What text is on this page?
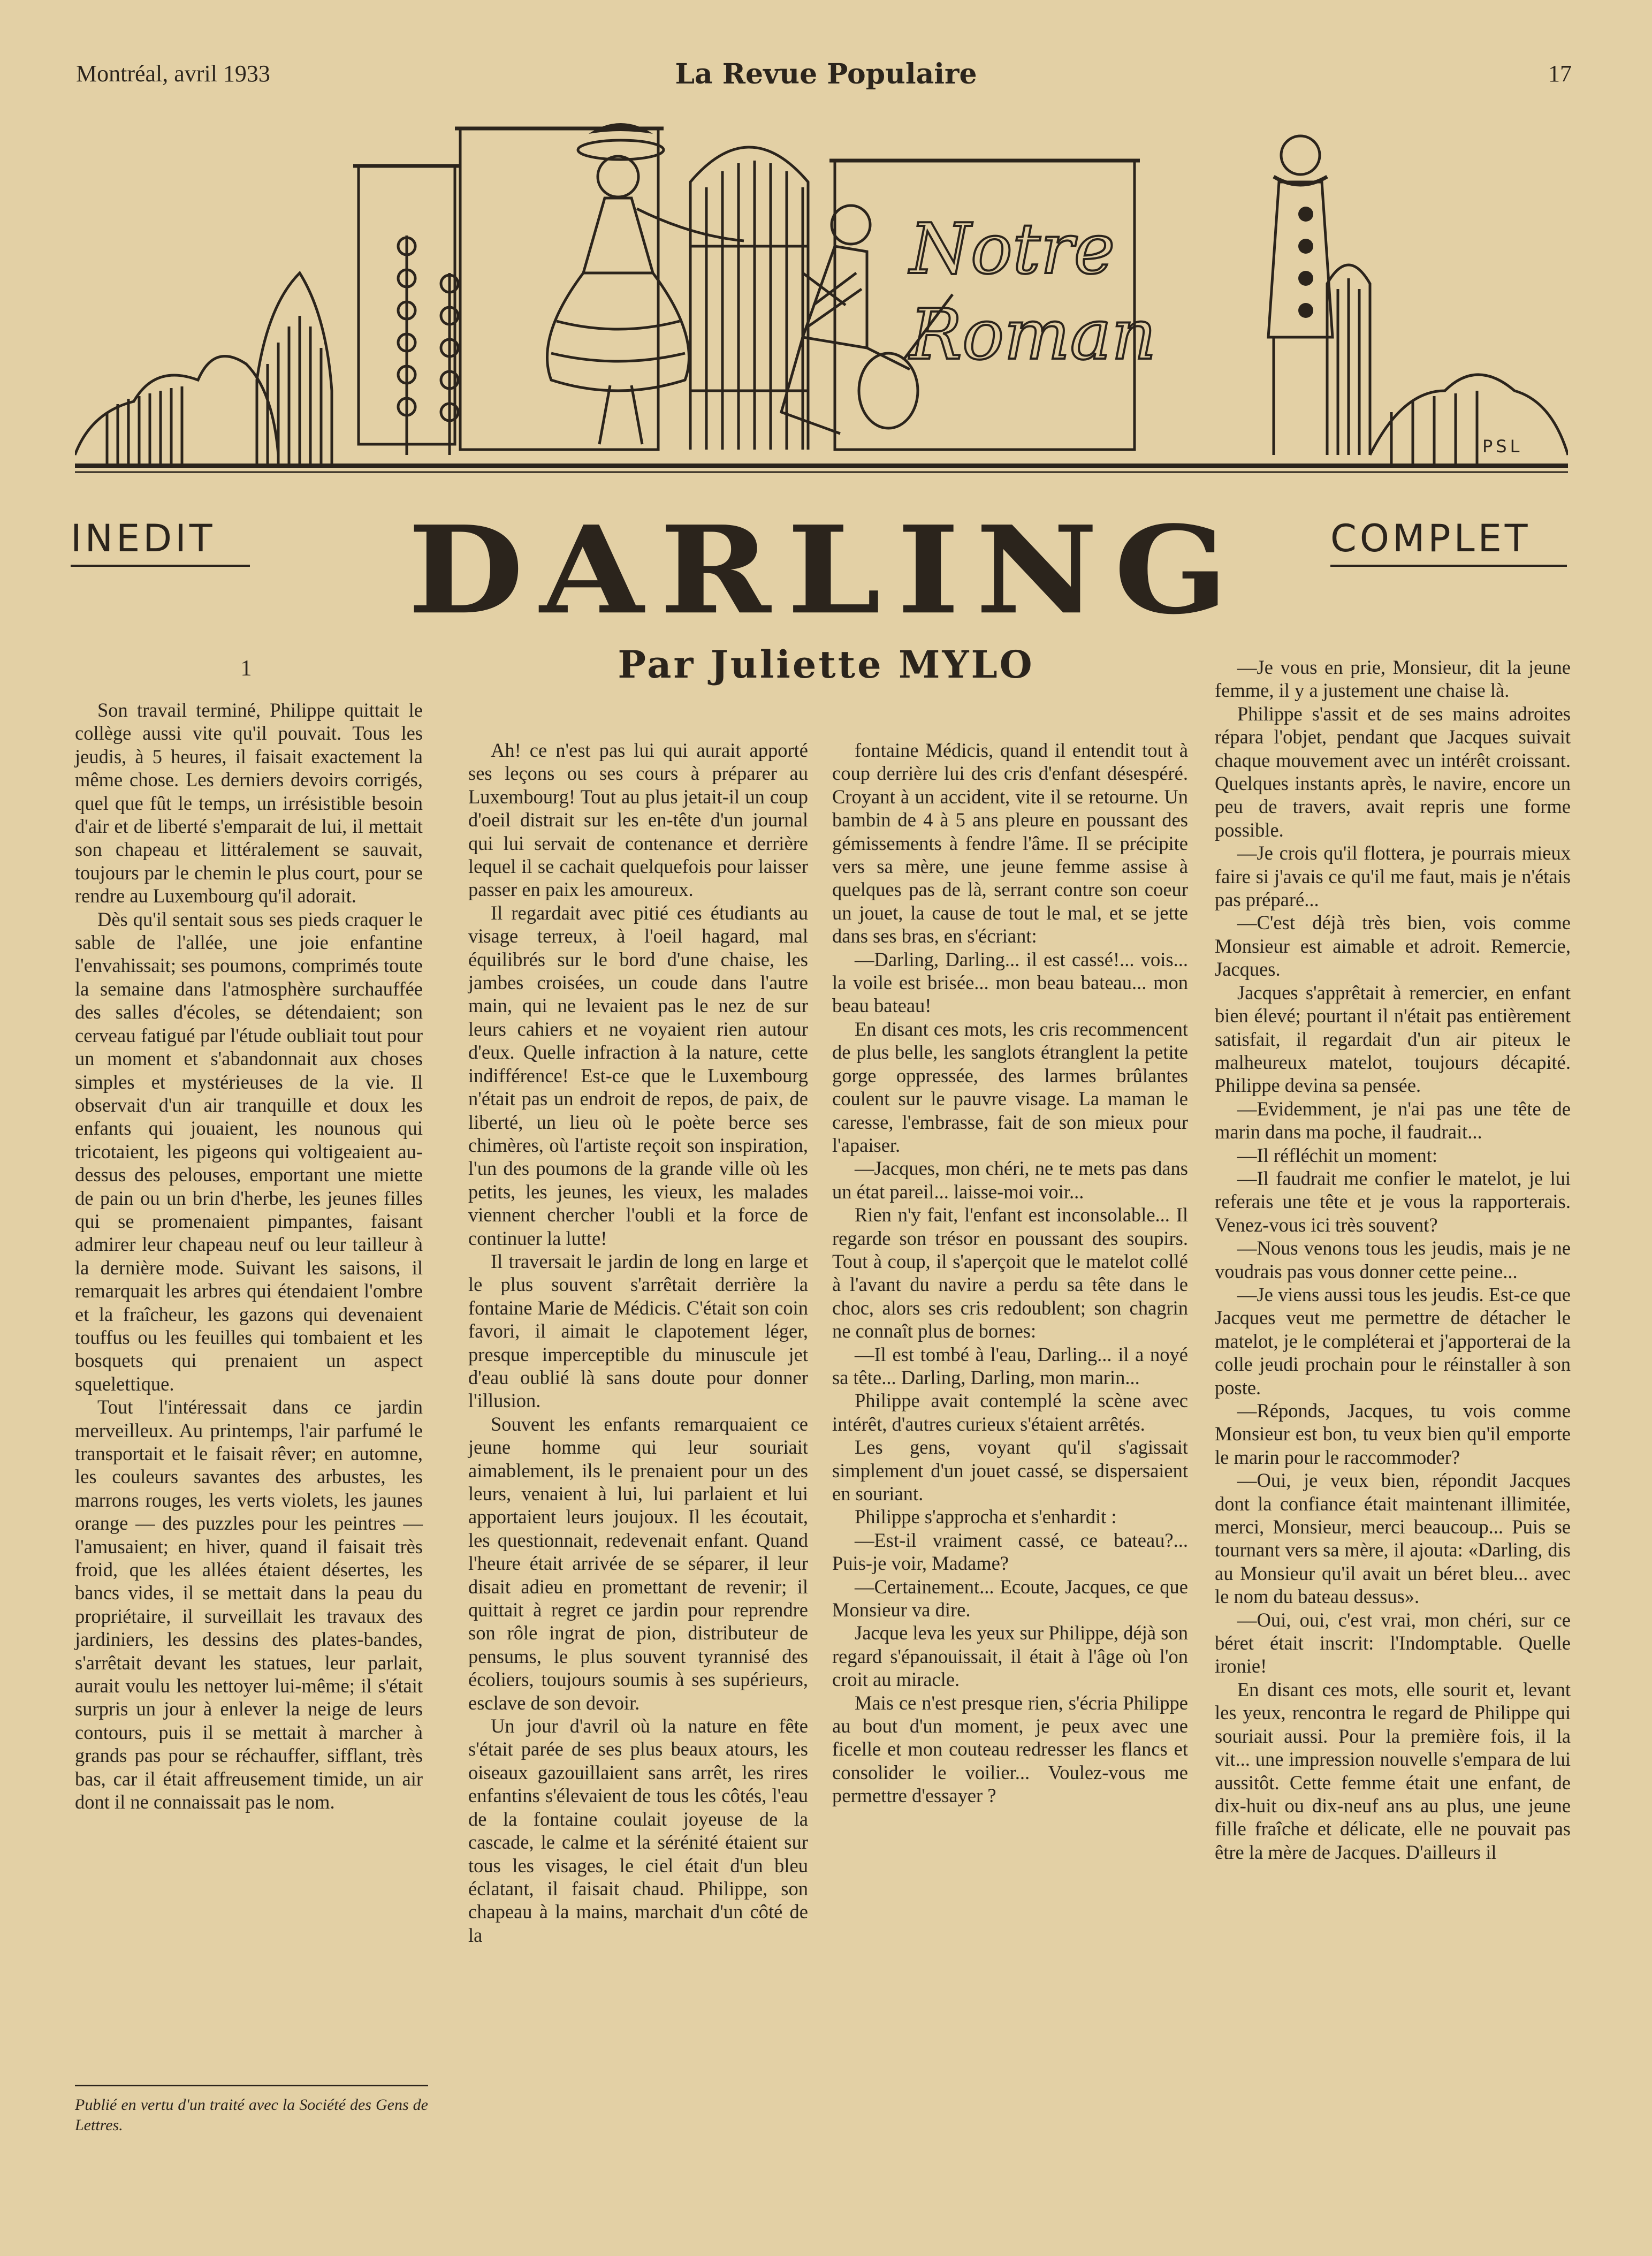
Montréal, avril 1933	La Revue Populaire	17
Notre
Roman
PSL
INEDIT	COMPLET
DARLING
Par Juliette MYLO
1

Son travail terminé, Philippe quittait le collège aussi vite qu'il pouvait. Tous les jeudis, à 5 heures, il faisait exactement la même chose. Les derniers devoirs corrigés, quel que fût le temps, un irrésistible besoin d'air et de liberté s'emparait de lui, il mettait son chapeau et littéralement se sauvait, toujours par le chemin le plus court, pour se rendre au Luxembourg qu'il adorait.

Dès qu'il sentait sous ses pieds craquer le sable de l'allée, une joie enfantine l'envahissait; ses poumons, comprimés toute la semaine dans l'atmosphère surchauffée des salles d'écoles, se détendaient; son cerveau fatigué par l'étude oubliait tout pour un moment et s'abandonnait aux choses simples et mystérieuses de la vie. Il observait d'un air tranquille et doux les enfants qui jouaient, les nounous qui tricotaient, les pigeons qui voltigeaient au-dessus des pelouses, emportant une miette de pain ou un brin d'herbe, les jeunes filles qui se promenaient pimpantes, faisant admirer leur chapeau neuf ou leur tailleur à la dernière mode. Suivant les saisons, il remarquait les arbres qui étendaient l'ombre et la fraîcheur, les gazons qui devenaient touffus ou les feuilles qui tombaient et les bosquets qui prenaient un aspect squelettique.

Tout l'intéressait dans ce jardin merveilleux. Au printemps, l'air parfumé le transportait et le faisait rêver; en automne, les couleurs savantes des arbustes, les marrons rouges, les verts violets, les jaunes orange — des puzzles pour les peintres — l'amusaient; en hiver, quand il faisait très froid, que les allées étaient désertes, les bancs vides, il se mettait dans la peau du propriétaire, il surveillait les travaux des jardiniers, les dessins des plates-bandes, s'arrêtait devant les statues, leur parlait, aurait voulu les nettoyer lui-même; il s'était surpris un jour à enlever la neige de leurs contours, puis il se mettait à marcher à grands pas pour se réchauffer, sifflant, très bas, car il était affreusement timide, un air dont il ne connaissait pas le nom.

Ah! ce n'est pas lui qui aurait apporté ses leçons ou ses cours à préparer au Luxembourg! Tout au plus jetait-il un coup d'oeil distrait sur les en-tête d'un journal qui lui servait de contenance et derrière lequel il se cachait quelquefois pour laisser passer en paix les amoureux.

Il regardait avec pitié ces étudiants au visage terreux, à l'oeil hagard, mal équilibrés sur le bord d'une chaise, les jambes croisées, un coude dans l'autre main, qui ne levaient pas le nez de sur leurs cahiers et ne voyaient rien autour d'eux. Quelle infraction à la nature, cette indifférence! Est-ce que le Luxembourg n'était pas un endroit de repos, de paix, de liberté, un lieu où le poète berce ses chimères, où l'artiste reçoit son inspiration, l'un des poumons de la grande ville où les petits, les jeunes, les vieux, les malades viennent chercher l'oubli et la force de continuer la lutte!

Il traversait le jardin de long en large et le plus souvent s'arrêtait derrière la fontaine Marie de Médicis. C'était son coin favori, il aimait le clapotement léger, presque imperceptible du minuscule jet d'eau oublié là sans doute pour donner l'illusion.

Souvent les enfants remarquaient ce jeune homme qui leur souriait aimablement, ils le prenaient pour un des leurs, venaient à lui, lui parlaient et lui apportaient leurs joujoux. Il les écoutait, les questionnait, redevenait enfant. Quand l'heure était arrivée de se séparer, il leur disait adieu en promettant de revenir; il quittait à regret ce jardin pour reprendre son rôle ingrat de pion, distributeur de pensums, le plus souvent tyrannisé des écoliers, toujours soumis à ses supérieurs, esclave de son devoir.

Un jour d'avril où la nature en fête s'était parée de ses plus beaux atours, les oiseaux gazouillaient sans arrêt, les rires enfantins s'élevaient de tous les côtés, l'eau de la fontaine coulait joyeuse de la cascade, le calme et la sérénité étaient sur tous les visages, le ciel était d'un bleu éclatant, il faisait chaud. Philippe, son chapeau à la mains, marchait d'un côté de la

fontaine Médicis, quand il entendit tout à coup derrière lui des cris d'enfant désespéré. Croyant à un accident, vite il se retourne. Un bambin de 4 à 5 ans pleure en poussant des gémissements à fendre l'âme. Il se précipite vers sa mère, une jeune femme assise à quelques pas de là, serrant contre son coeur un jouet, la cause de tout le mal, et se jette dans ses bras, en s'écriant:

—Darling, Darling... il est cassé!... vois... la voile est brisée... mon beau bateau... mon beau bateau!

En disant ces mots, les cris recommencent de plus belle, les sanglots étranglent la petite gorge oppressée, des larmes brûlantes coulent sur le pauvre visage. La maman le caresse, l'embrasse, fait de son mieux pour l'apaiser.

—Jacques, mon chéri, ne te mets pas dans un état pareil... laisse-moi voir...

Rien n'y fait, l'enfant est inconsolable... Il regarde son trésor en poussant des soupirs. Tout à coup, il s'aperçoit que le matelot collé à l'avant du navire a perdu sa tête dans le choc, alors ses cris redoublent; son chagrin ne connaît plus de bornes:

—Il est tombé à l'eau, Darling... il a noyé sa tête... Darling, Darling, mon marin...

Philippe avait contemplé la scène avec intérêt, d'autres curieux s'étaient arrêtés.

Les gens, voyant qu'il s'agissait simplement d'un jouet cassé, se dispersaient en souriant.

Philippe s'approcha et s'enhardit :

—Est-il vraiment cassé, ce bateau?... Puis-je voir, Madame?

—Certainement... Ecoute, Jacques, ce que Monsieur va dire.

Jacque leva les yeux sur Philippe, déjà son regard s'épanouissait, il était à l'âge où l'on croit au miracle.

Mais ce n'est presque rien, s'écria Philippe au bout d'un moment, je peux avec une ficelle et mon couteau redresser les flancs et consolider le voilier... Voulez-vous me permettre d'essayer ?

—Je vous en prie, Monsieur, dit la jeune femme, il y a justement une chaise là.

Philippe s'assit et de ses mains adroites répara l'objet, pendant que Jacques suivait chaque mouvement avec un intérêt croissant. Quelques instants après, le navire, encore un peu de travers, avait repris une forme possible.

—Je crois qu'il flottera, je pourrais mieux faire si j'avais ce qu'il me faut, mais je n'étais pas préparé...

—C'est déjà très bien, vois comme Monsieur est aimable et adroit. Remercie, Jacques.

Jacques s'apprêtait à remercier, en enfant bien élevé; pourtant il n'était pas entièrement satisfait, il regardait d'un air piteux le malheureux matelot, toujours décapité. Philippe devina sa pensée.

—Evidemment, je n'ai pas une tête de marin dans ma poche, il faudrait...

—Il réfléchit un moment:

—Il faudrait me confier le matelot, je lui referais une tête et je vous la rapporterais. Venez-vous ici très souvent?

—Nous venons tous les jeudis, mais je ne voudrais pas vous donner cette peine...

—Je viens aussi tous les jeudis. Est-ce que Jacques veut me permettre de détacher le matelot, je le compléterai et j'apporterai de la colle jeudi prochain pour le réinstaller à son poste.

—Réponds, Jacques, tu vois comme Monsieur est bon, tu veux bien qu'il emporte le marin pour le raccommoder?

—Oui, je veux bien, répondit Jacques dont la confiance était maintenant illimitée, merci, Monsieur, merci beaucoup... Puis se tournant vers sa mère, il ajouta: «Darling, dis au Monsieur qu'il avait un béret bleu... avec le nom du bateau dessus».

—Oui, oui, c'est vrai, mon chéri, sur ce béret était inscrit: l'Indomptable. Quelle ironie!

En disant ces mots, elle sourit et, levant les yeux, rencontra le regard de Philippe qui souriait aussi. Pour la première fois, il la vit... une impression nouvelle s'empara de lui aussitôt. Cette femme était une enfant, de dix-huit ou dix-neuf ans au plus, une jeune fille fraîche et délicate, elle ne pouvait pas être la mère de Jacques. D'ailleurs il

Publié en vertu d'un traité avec la Société des Gens de Lettres.
